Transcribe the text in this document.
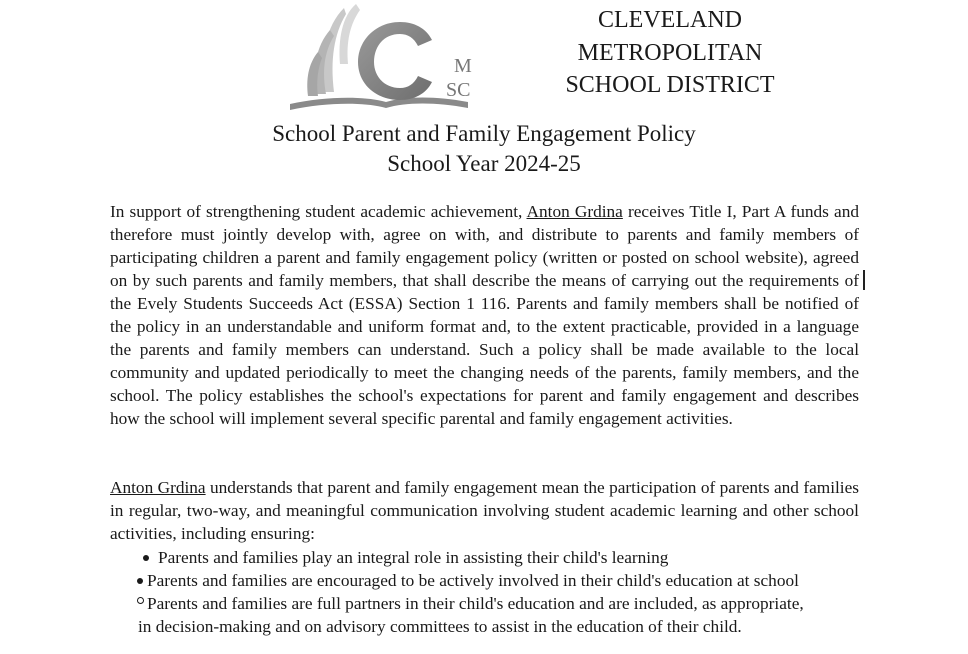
M
SC
CLEVELAND
METROPOLITAN
SCHOOL DISTRICT
School Parent and Family Engagement Policy
School Year 2024-25
In support of strengthening student academic achievement, Anton Grdina receives Title I, Part A funds and therefore must jointly develop with, agree on with, and distribute to parents and family members of participating children a parent and family engagement policy (written or posted on school website), agreed on by such parents and family members, that shall describe the means of carrying out the requirements of the Evely Students Succeeds Act (ESSA) Section 1 116. Parents and family members shall be notified of the policy in an understandable and uniform format and, to the extent practicable, provided in a language the parents and family members can understand. Such a policy shall be made available to the local community and updated periodically to meet the changing needs of the parents, family members, and the school. The policy establishes the school's expectations for parent and family engagement and describes how the school will implement several specific parental and family engagement activities.
Anton Grdina understands that parent and family engagement mean the participation of parents and families in regular, two-way, and meaningful communication involving student academic learning and other school activities, including ensuring:
Parents and families play an integral role in assisting their child's learning
Parents and families are encouraged to be actively involved in their child's education at school
Parents and families are full partners in their child's education and are included, as appropriate,
in decision-making and on advisory committees to assist in the education of their child.
